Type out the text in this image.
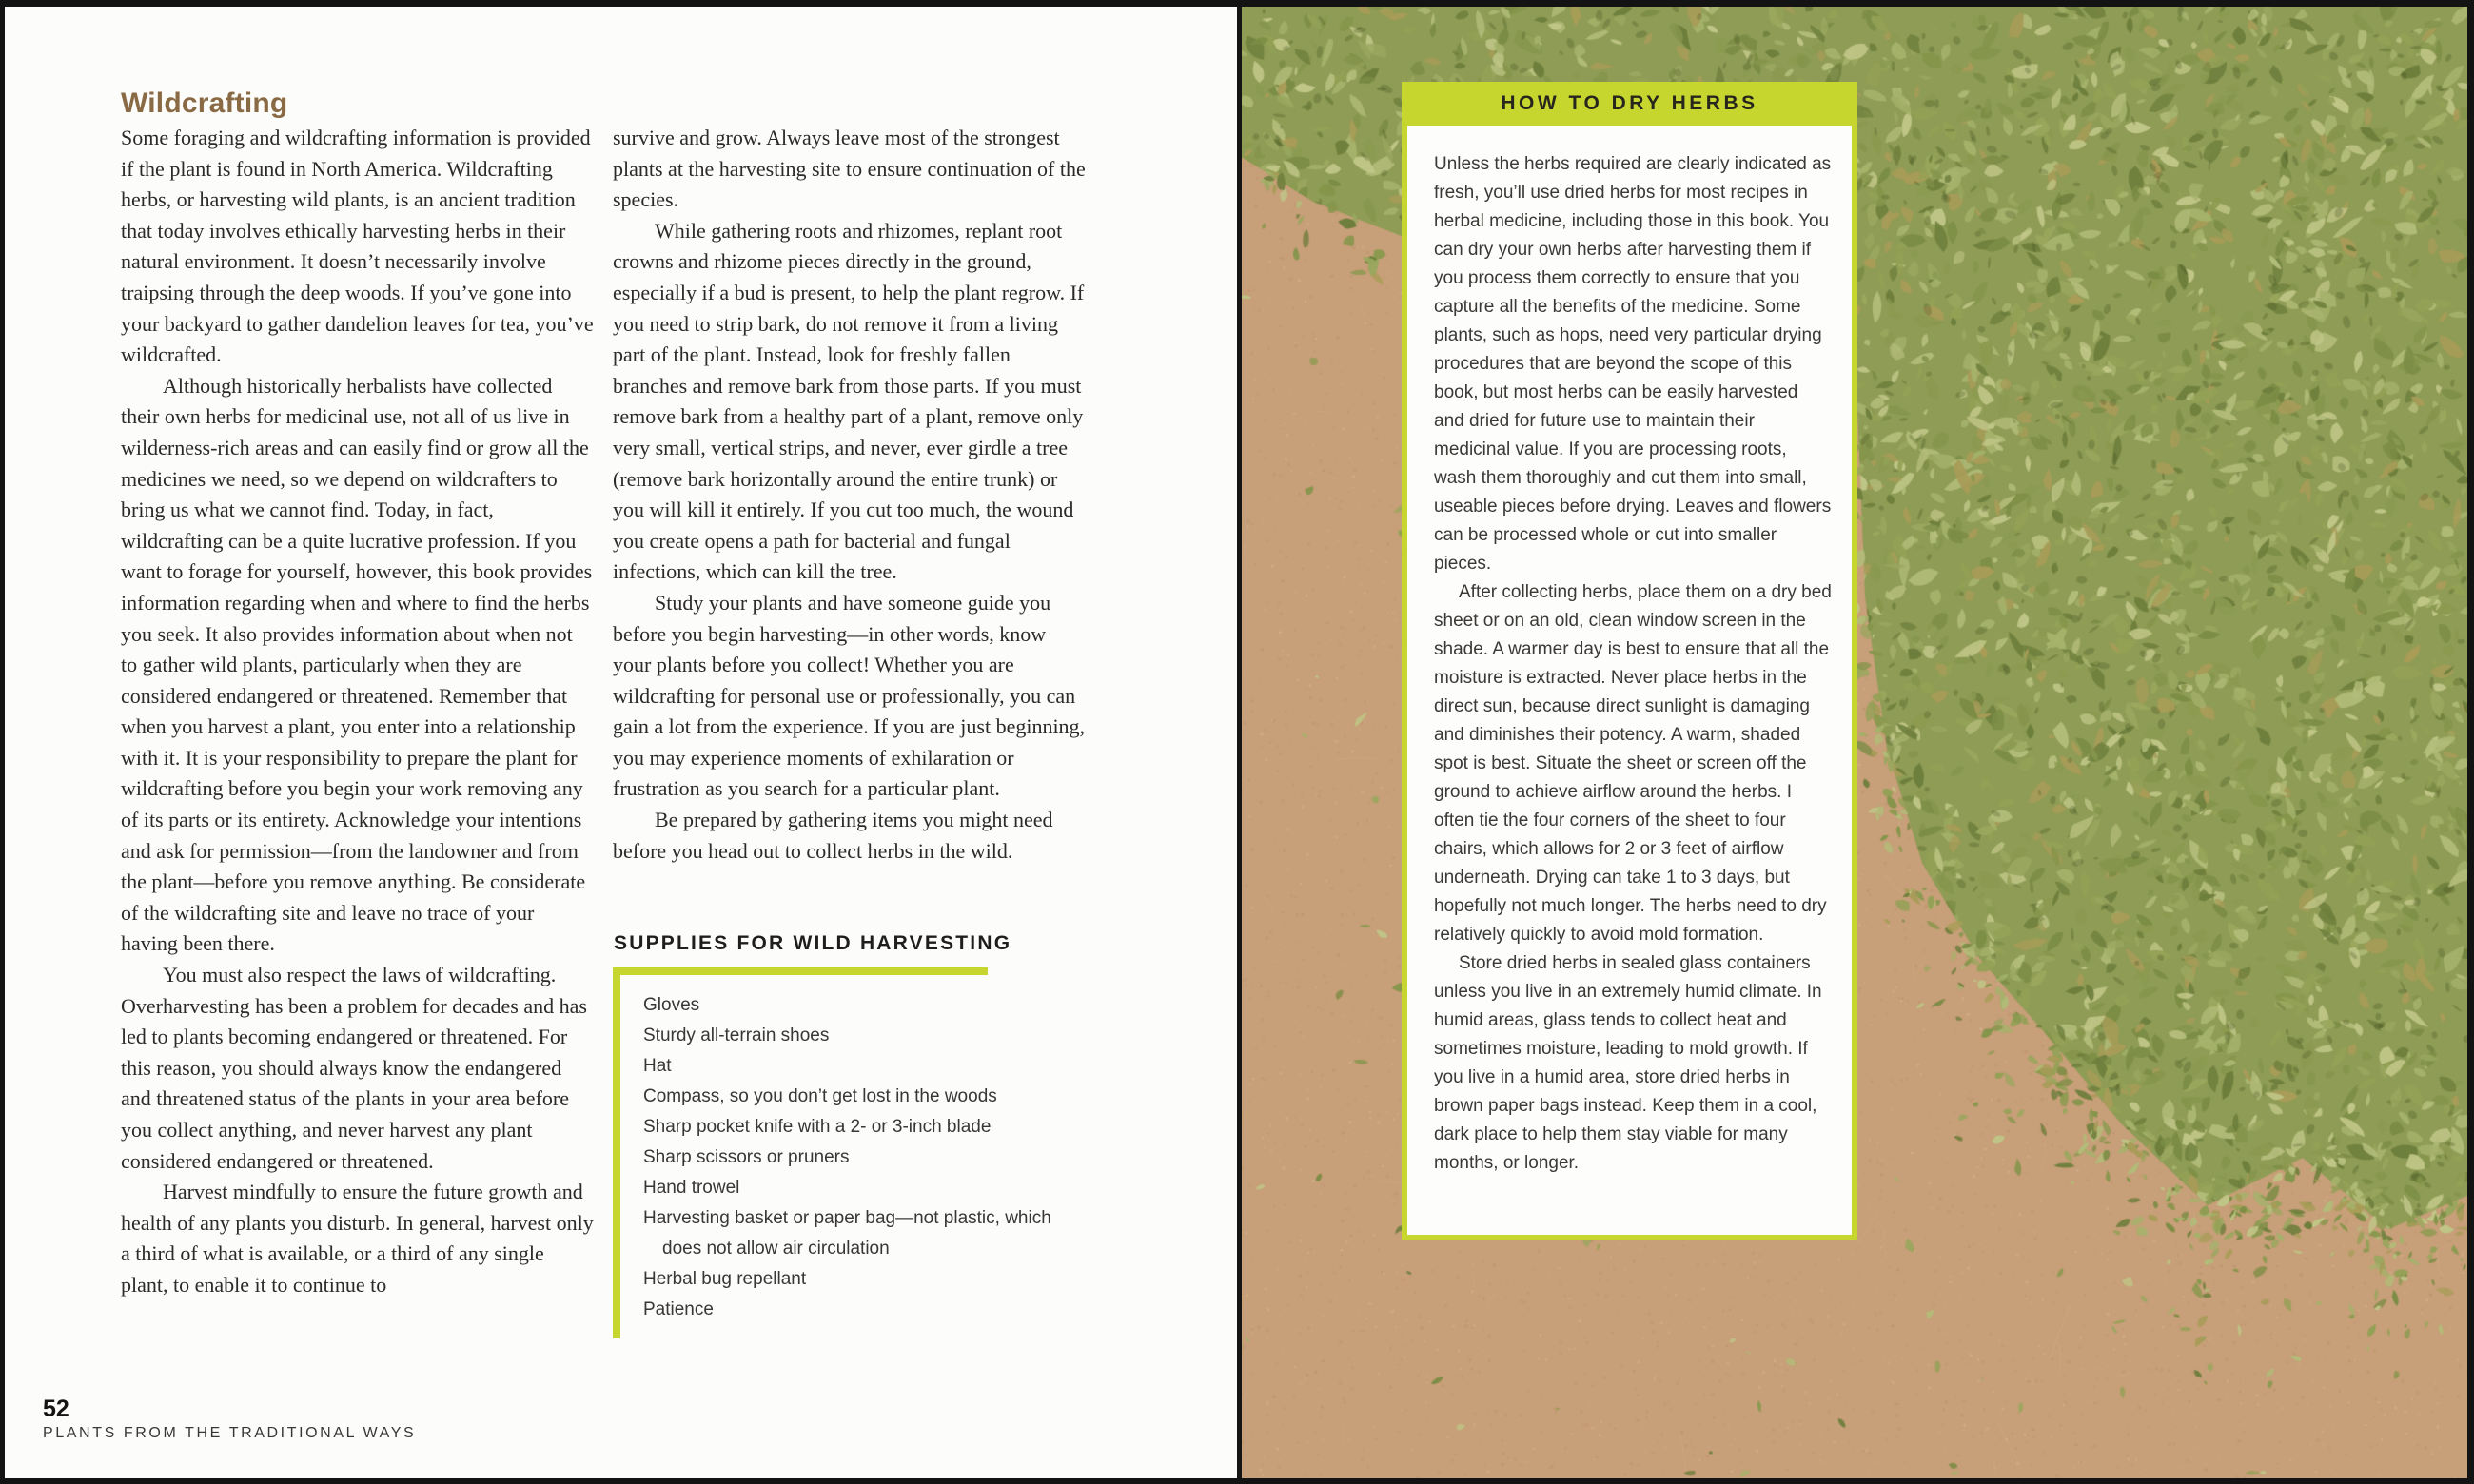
Wildcrafting

Some foraging and wildcrafting information is provided if the plant is found in North America. Wildcrafting herbs, or harvesting wild plants, is an ancient tradition that today involves ethically harvesting herbs in their natural environment. It doesn’t necessarily involve traipsing through the deep woods. If you’ve gone into your backyard to gather dandelion leaves for tea, you’ve wildcrafted.

Although historically herbalists have collected their own herbs for medicinal use, not all of us live in wilderness-rich areas and can easily find or grow all the medicines we need, so we depend on wildcrafters to bring us what we cannot find. Today, in fact, wildcrafting can be a quite lucrative profession. If you want to forage for yourself, however, this book provides information regarding when and where to find the herbs you seek. It also provides information about when not to gather wild plants, particularly when they are considered endangered or threatened. Remember that when you harvest a plant, you enter into a relationship with it. It is your responsibility to prepare the plant for wildcrafting before you begin your work removing any of its parts or its entirety. Acknowledge your intentions and ask for permission—from the landowner and from the plant—before you remove anything. Be considerate of the wildcrafting site and leave no trace of your having been there.

You must also respect the laws of wildcrafting. Overharvesting has been a problem for decades and has led to plants becoming endangered or threatened. For this reason, you should always know the endangered and threatened status of the plants in your area before you collect anything, and never harvest any plant considered endangered or threatened.

Harvest mindfully to ensure the future growth and health of any plants you disturb. In general, harvest only a third of what is available, or a third of any single plant, to enable it to continue to

survive and grow. Always leave most of the strongest plants at the harvesting site to ensure continuation of the species.

While gathering roots and rhizomes, replant root crowns and rhizome pieces directly in the ground, especially if a bud is present, to help the plant regrow. If you need to strip bark, do not remove it from a living part of the plant. Instead, look for freshly fallen branches and remove bark from those parts. If you must remove bark from a healthy part of a plant, remove only very small, vertical strips, and never, ever girdle a tree (remove bark horizontally around the entire trunk) or you will kill it entirely. If you cut too much, the wound you create opens a path for bacterial and fungal infections, which can kill the tree.

Study your plants and have someone guide you before you begin harvesting—in other words, know your plants before you collect! Whether you are wildcrafting for personal use or professionally, you can gain a lot from the experience. If you are just beginning, you may experience moments of exhilaration or frustration as you search for a particular plant.

Be prepared by gathering items you might need before you head out to collect herbs in the wild.

SUPPLIES FOR WILD HARVESTING
Gloves
Sturdy all-terrain shoes
Hat
Compass, so you don’t get lost in the woods
Sharp pocket knife with a 2- or 3-inch blade
Sharp scissors or pruners
Hand trowel
Harvesting basket or paper bag—not plastic, which does not allow air circulation
Herbal bug repellant
Patience
52
PLANTS FROM THE TRADITIONAL WAYS
HOW TO DRY HERBS

Unless the herbs required are clearly indicated as fresh, you’ll use dried herbs for most recipes in herbal medicine, including those in this book. You can dry your own herbs after harvesting them if you process them correctly to ensure that you capture all the benefits of the medicine. Some plants, such as hops, need very particular drying procedures that are beyond the scope of this book, but most herbs can be easily harvested and dried for future use to maintain their medicinal value. If you are processing roots, wash them thoroughly and cut them into small, useable pieces before drying. Leaves and flowers can be processed whole or cut into smaller pieces.

After collecting herbs, place them on a dry bed sheet or on an old, clean window screen in the shade. A warmer day is best to ensure that all the moisture is extracted. Never place herbs in the direct sun, because direct sunlight is damaging and diminishes their potency. A warm, shaded spot is best. Situate the sheet or screen off the ground to achieve airflow around the herbs. I often tie the four corners of the sheet to four chairs, which allows for 2 or 3 feet of airflow underneath. Drying can take 1 to 3 days, but hopefully not much longer. The herbs need to dry relatively quickly to avoid mold formation.

Store dried herbs in sealed glass containers unless you live in an extremely humid climate. In humid areas, glass tends to collect heat and sometimes moisture, leading to mold growth. If you live in a humid area, store dried herbs in brown paper bags instead. Keep them in a cool, dark place to help them stay viable for many months, or longer.
